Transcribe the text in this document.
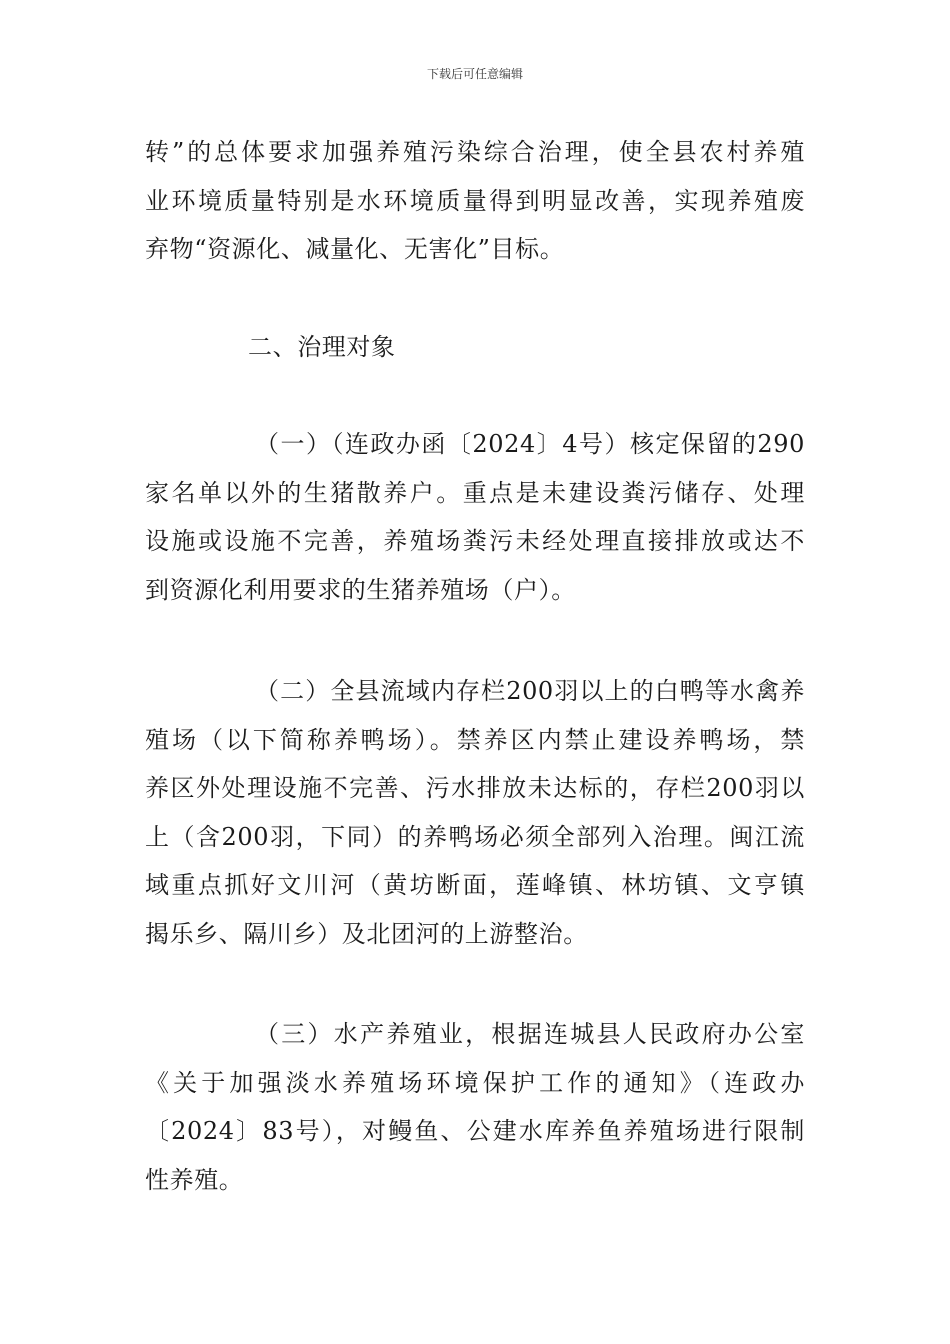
下载后可任意编辑

转”的总体要求加强养殖污染综合治理，使全县农村养殖
业环境质量特别是水环境质量得到明显改善，实现养殖废
弃物“资源化、减量化、无害化”目标。

二、治理对象

（一）（连政办函〔2024〕4号）核定保留的290
家名单以外的生猪散养户。重点是未建设粪污储存、处理
设施或设施不完善，养殖场粪污未经处理直接排放或达不
到资源化利用要求的生猪养殖场（户）。

（二）全县流域内存栏200羽以上的白鸭等水禽养
殖场（以下简称养鸭场）。禁养区内禁止建设养鸭场，禁
养区外处理设施不完善、污水排放未达标的，存栏200羽以
上（含200羽，下同）的养鸭场必须全部列入治理。闽江流
域重点抓好文川河（黄坊断面，莲峰镇、林坊镇、文亨镇
揭乐乡、隔川乡）及北团河的上游整治。

（三）水产养殖业，根据连城县人民政府办公室
《关于加强淡水养殖场环境保护工作的通知》（连政办
〔2024〕83号），对鳗鱼、公建水库养鱼养殖场进行限制
性养殖。
